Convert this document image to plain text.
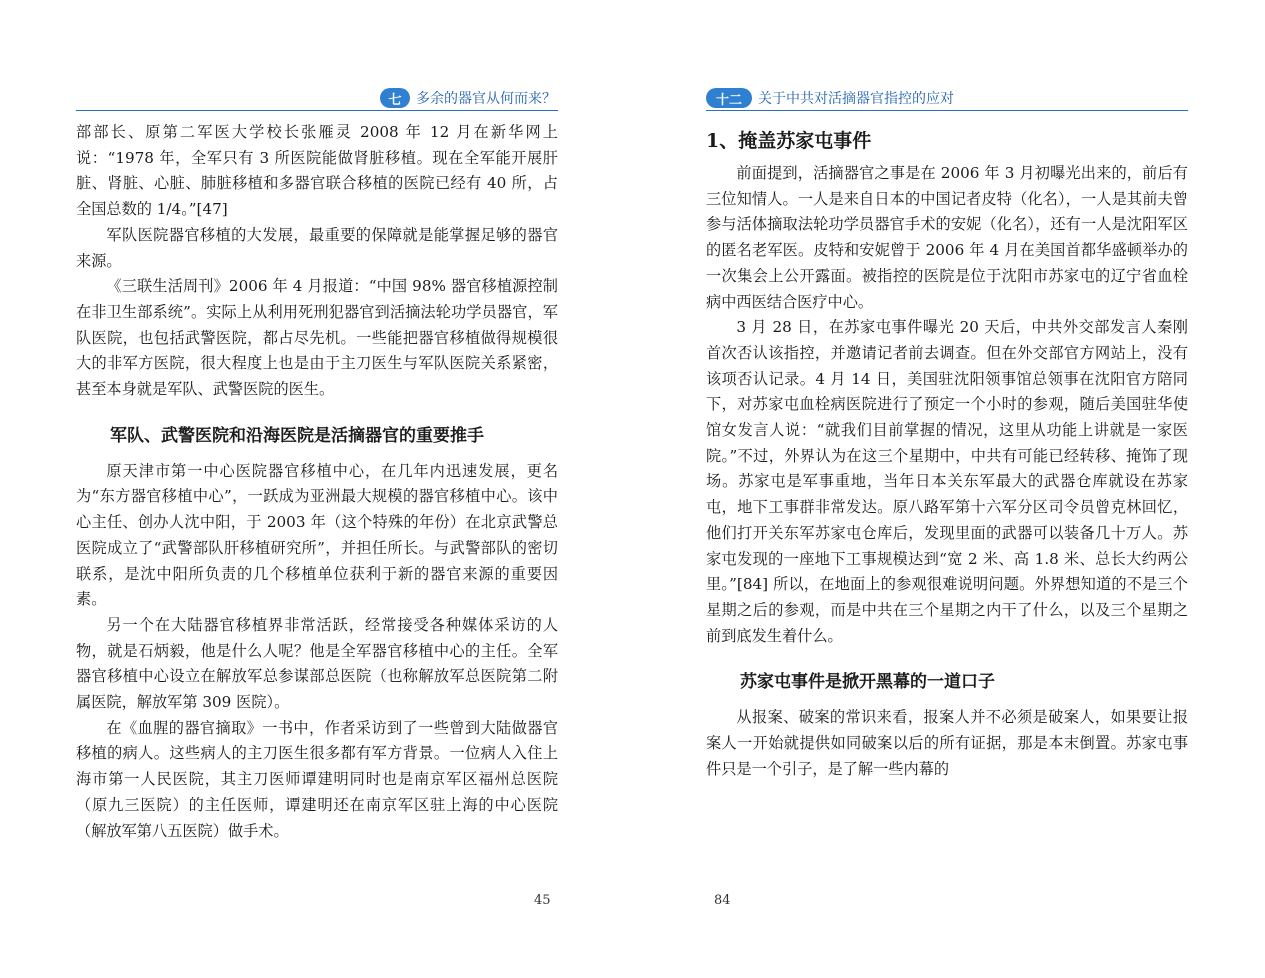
七	多余的器官从何而来？

部部长、原第二军医大学校长张雁灵 2008 年 12 月在新华网上说：“1978 年，全军只有 3 所医院能做肾脏移植。现在全军能开展肝脏、肾脏、心脏、肺脏移植和多器官联合移植的医院已经有 40 所，占全国总数的 1/4。”[47]

军队医院器官移植的大发展，最重要的保障就是能掌握足够的器官来源。

《三联生活周刊》2006 年 4 月报道：“中国 98% 器官移植源控制在非卫生部系统”。实际上从利用死刑犯器官到活摘法轮功学员器官，军队医院，也包括武警医院，都占尽先机。一些能把器官移植做得规模很大的非军方医院，很大程度上也是由于主刀医生与军队医院关系紧密，甚至本身就是军队、武警医院的医生。

军队、武警医院和沿海医院是活摘器官的重要推手

原天津市第一中心医院器官移植中心，在几年内迅速发展，更名为“东方器官移植中心”，一跃成为亚洲最大规模的器官移植中心。该中心主任、创办人沈中阳，于 2003 年（这个特殊的年份）在北京武警总医院成立了“武警部队肝移植研究所”，并担任所长。与武警部队的密切联系，是沈中阳所负责的几个移植单位获利于新的器官来源的重要因素。

另一个在大陆器官移植界非常活跃，经常接受各种媒体采访的人物，就是石炳毅，他是什么人呢？他是全军器官移植中心的主任。全军器官移植中心设立在解放军总参谋部总医院（也称解放军总医院第二附属医院，解放军第 309 医院）。

在《血腥的器官摘取》一书中，作者采访到了一些曾到大陆做器官移植的病人。这些病人的主刀医生很多都有军方背景。一位病人入住上海市第一人民医院，其主刀医师谭建明同时也是南京军区福州总医院（原九三医院）的主任医师，谭建明还在南京军区驻上海的中心医院（解放军第八五医院）做手术。

45
十二	关于中共对活摘器官指控的应对
1、掩盖苏家屯事件

前面提到，活摘器官之事是在 2006 年 3 月初曝光出来的，前后有三位知情人。一人是来自日本的中国记者皮特（化名），一人是其前夫曾参与活体摘取法轮功学员器官手术的安妮（化名），还有一人是沈阳军区的匿名老军医。皮特和安妮曾于 2006 年 4 月在美国首都华盛顿举办的一次集会上公开露面。被指控的医院是位于沈阳市苏家屯的辽宁省血栓病中西医结合医疗中心。

3 月 28 日，在苏家屯事件曝光 20 天后，中共外交部发言人秦刚首次否认该指控，并邀请记者前去调查。但在外交部官方网站上，没有该项否认记录。4 月 14 日，美国驻沈阳领事馆总领事在沈阳官方陪同下，对苏家屯血栓病医院进行了预定一个小时的参观，随后美国驻华使馆女发言人说：“就我们目前掌握的情况，这里从功能上讲就是一家医院。”不过，外界认为在这三个星期中，中共有可能已经转移、掩饰了现场。苏家屯是军事重地，当年日本关东军最大的武器仓库就设在苏家屯，地下工事群非常发达。原八路军第十六军分区司令员曾克林回忆，他们打开关东军苏家屯仓库后，发现里面的武器可以装备几十万人。苏家屯发现的一座地下工事规模达到“宽 2 米、高 1.8 米、总长大约两公里。”[84] 所以，在地面上的参观很难说明问题。外界想知道的不是三个星期之后的参观，而是中共在三个星期之内干了什么，以及三个星期之前到底发生着什么。

苏家屯事件是掀开黑幕的一道口子

从报案、破案的常识来看，报案人并不必须是破案人，如果要让报案人一开始就提供如同破案以后的所有证据，那是本末倒置。苏家屯事件只是一个引子，是了解一些内幕的

84
